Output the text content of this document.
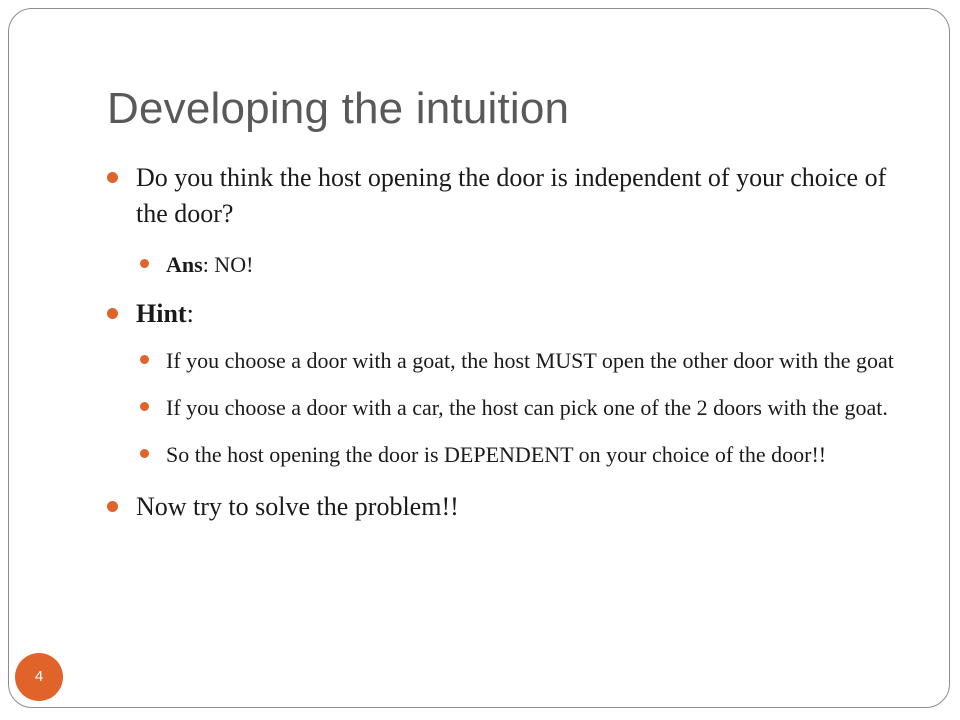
Developing the intuition
Do you think the host opening the door is independent of your choice of the door?
Ans: NO!
Hint:
If you choose a door with a goat, the host MUST open the other door with the goat
If you choose a door with a car, the host can pick one of the 2 doors with the goat.
So the host opening the door is DEPENDENT on your choice of the door!!
Now try to solve the problem!!
4
